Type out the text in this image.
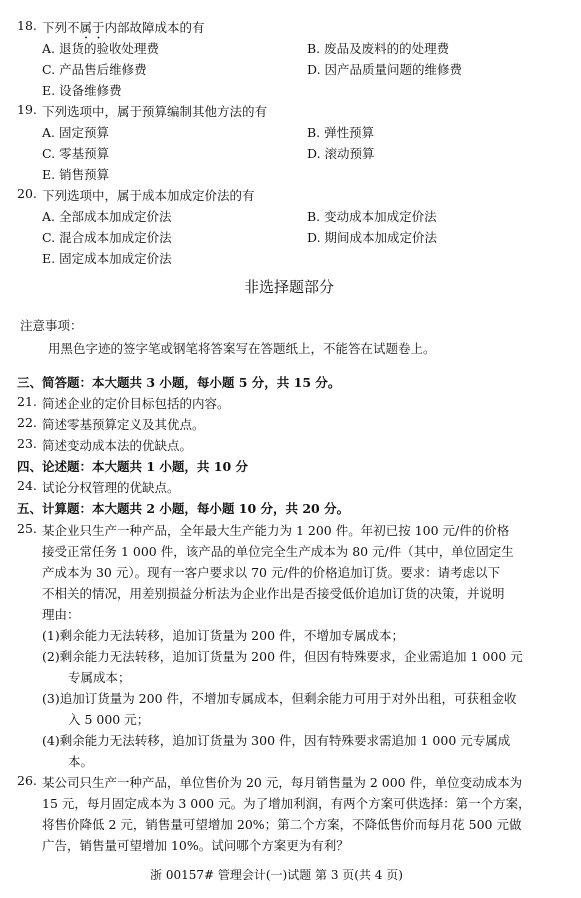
18. 下列不属于内部故障成本的有
A. 退货的验收处理费	B. 废品及废料的的处理费
C. 产品售后维修费	D. 因产品质量问题的维修费
E. 设备维修费
19. 下列选项中，属于预算编制其他方法的有
A. 固定预算	B. 弹性预算
C. 零基预算	D. 滚动预算
E. 销售预算
20. 下列选项中，属于成本加成定价法的有
A. 全部成本加成定价法	B. 变动成本加成定价法
C. 混合成本加成定价法	D. 期间成本加成定价法
E. 固定成本加成定价法
非选择题部分
注意事项：
用黑色字迹的签字笔或钢笔将答案写在答题纸上，不能答在试题卷上。
三、简答题：本大题共 3 小题，每小题 5 分，共 15 分。
21. 简述企业的定价目标包括的内容。
22. 简述零基预算定义及其优点。
23. 简述变动成本法的优缺点。
四、论述题：本大题共 1 小题，共 10 分
24. 试论分权管理的优缺点。
五、计算题：本大题共 2 小题，每小题 10 分，共 20 分。
25. 某企业只生产一种产品，全年最大生产能力为 1 200 件。年初已按 100 元/件的价格
接受正常任务 1 000 件，该产品的单位完全生产成本为 80 元/件（其中，单位固定生
产成本为 30 元）。现有一客户要求以 70 元/件的价格追加订货。要求：请考虑以下
不相关的情况，用差别损益分析法为企业作出是否接受低价追加订货的决策，并说明
理由：
(1)剩余能力无法转移，追加订货量为 200 件，不增加专属成本；
(2)剩余能力无法转移，追加订货量为 200 件，但因有特殊要求，企业需追加 1 000 元
专属成本；
(3)追加订货量为 200 件，不增加专属成本，但剩余能力可用于对外出租，可获租金收
入 5 000 元；
(4)剩余能力无法转移，追加订货量为 300 件，因有特殊要求需追加 1 000 元专属成
本。
26. 某公司只生产一种产品，单位售价为 20 元，每月销售量为 2 000 件，单位变动成本为
15 元，每月固定成本为 3 000 元。为了增加利润，有两个方案可供选择：第一个方案，
将售价降低 2 元，销售量可望增加 20%；第二个方案，不降低售价而每月花 500 元做
广告，销售量可望增加 10%。试问哪个方案更为有利？
浙 00157# 管理会计(一)试题 第 3 页(共 4 页)
